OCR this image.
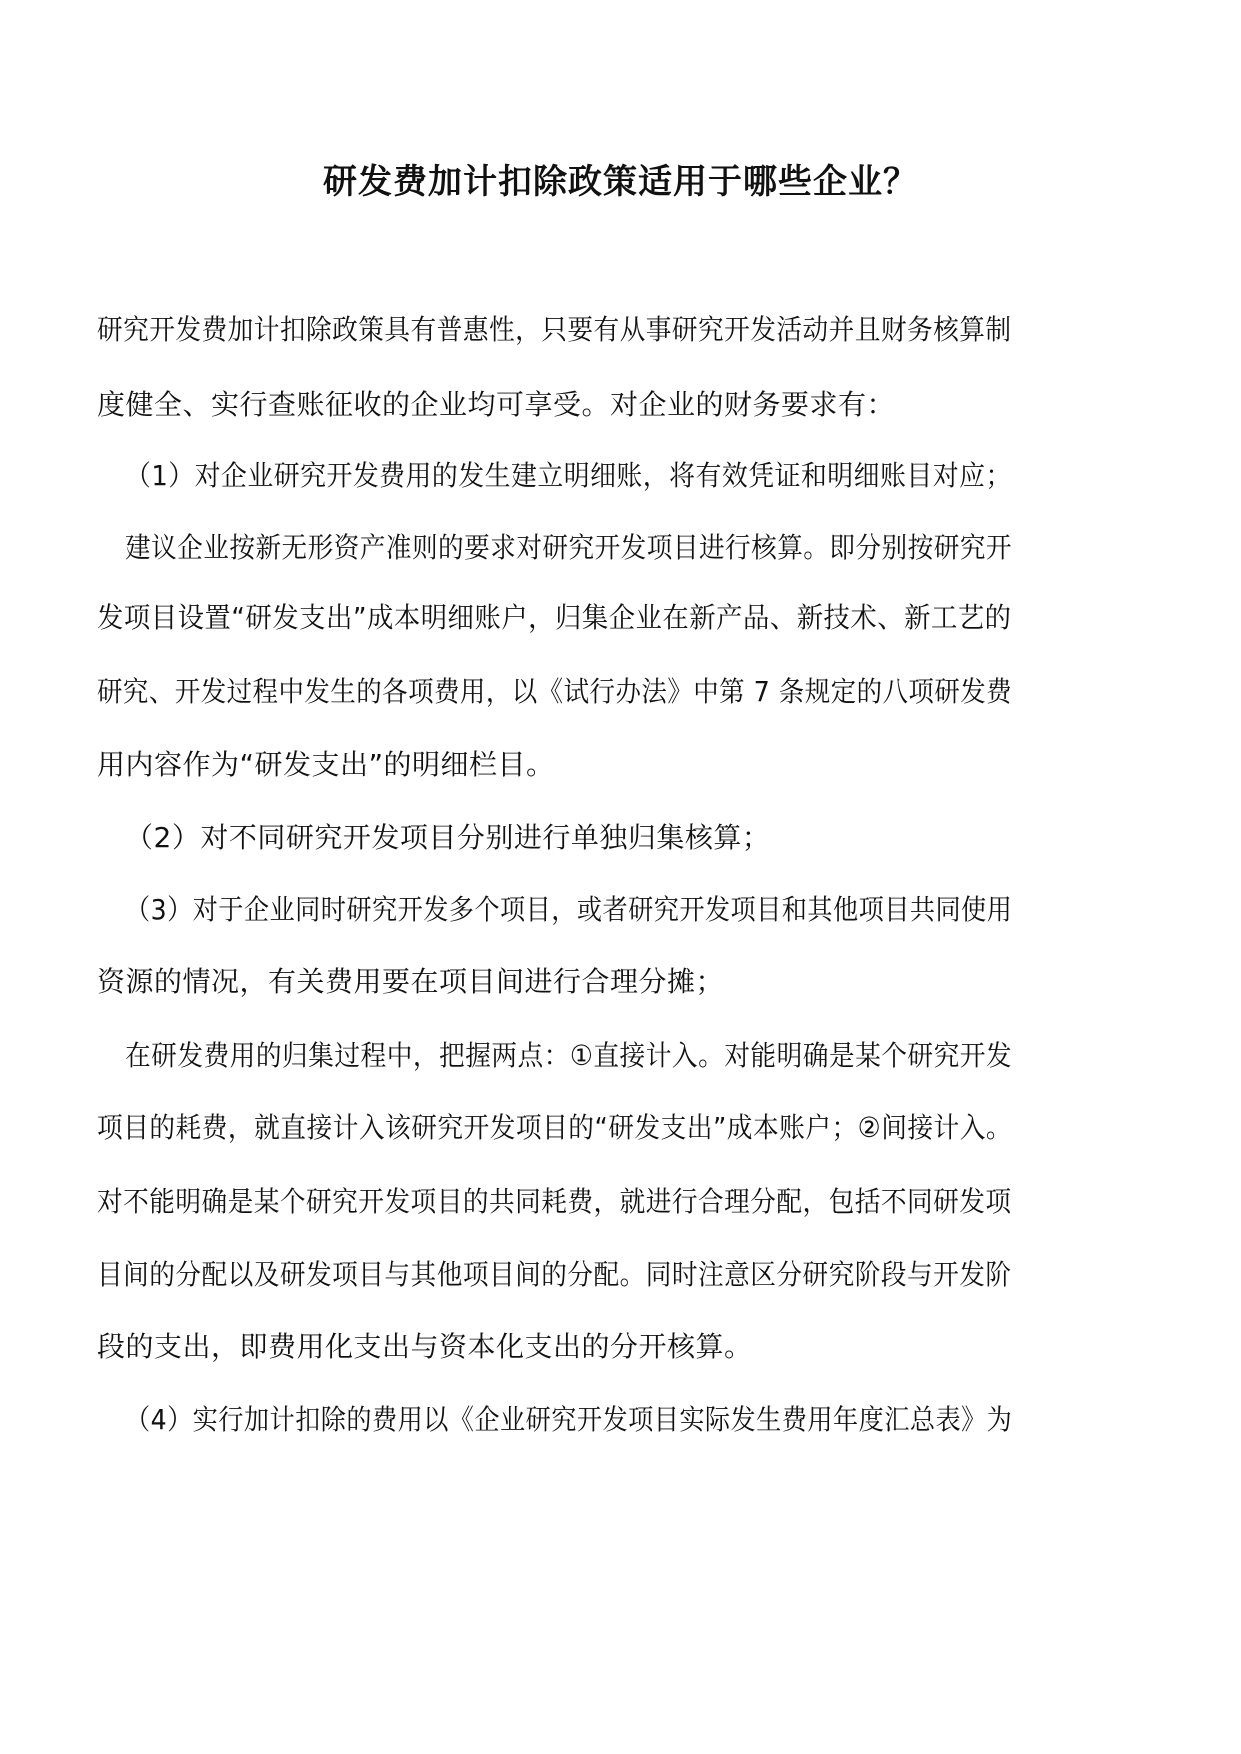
研发费加计扣除政策适用于哪些企业？
研究开发费加计扣除政策具有普惠性，只要有从事研究开发活动并且财务核算制
度健全、实行查账征收的企业均可享受。对企业的财务要求有：
（1）对企业研究开发费用的发生建立明细账，将有效凭证和明细账目对应；
建议企业按新无形资产准则的要求对研究开发项目进行核算。即分别按研究开
发项目设置“研发支出”成本明细账户，归集企业在新产品、新技术、新工艺的
研究、开发过程中发生的各项费用，以《试行办法》中第 7 条规定的八项研发费
用内容作为“研发支出”的明细栏目。
（2）对不同研究开发项目分别进行单独归集核算；
（3）对于企业同时研究开发多个项目，或者研究开发项目和其他项目共同使用
资源的情况，有关费用要在项目间进行合理分摊；
在研发费用的归集过程中，把握两点：①直接计入。对能明确是某个研究开发
项目的耗费，就直接计入该研究开发项目的“研发支出”成本账户；②间接计入。
对不能明确是某个研究开发项目的共同耗费，就进行合理分配，包括不同研发项
目间的分配以及研发项目与其他项目间的分配。同时注意区分研究阶段与开发阶
段的支出，即费用化支出与资本化支出的分开核算。
（4）实行加计扣除的费用以《企业研究开发项目实际发生费用年度汇总表》为
